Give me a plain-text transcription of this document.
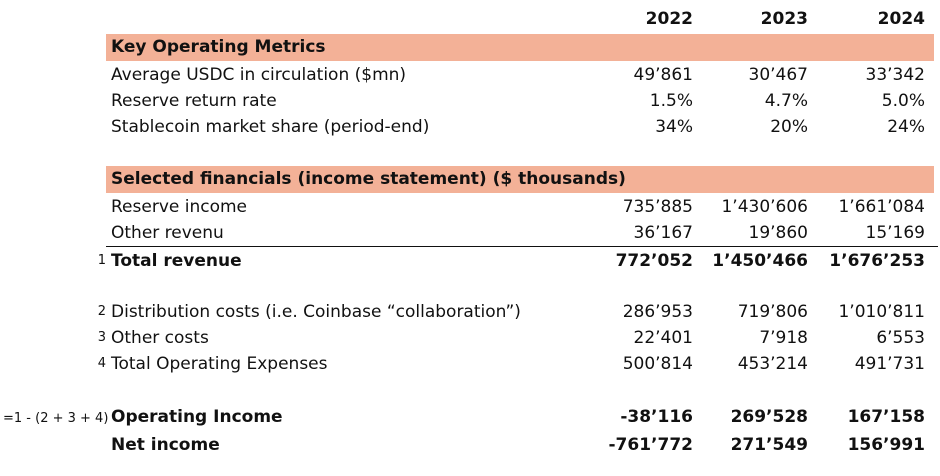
2022	2023	2024
Key Operating Metrics
Average USDC in circulation ($mn)	49’861	30’467	33’342
Reserve return rate	1.5%	4.7%	5.0%
Stablecoin market share (period-end)	34%	20%	24%
Selected financials (income statement) ($ thousands)
Reserve income	735’885 1’430’606 1’661’084
Other revenu	36’167	19’860	15’169
1 Total revenue	772’052 1’450’466 1’676’253
2 Distribution costs (i.e. Coinbase “collaboration”)	286’953	719’806 1’010’811
3 Other costs	22’401	7’918	6’553
4 Total Operating Expenses	500’814	453’214	491’731
=1 - (2 + 3 + 4) Operating Income	-38’116 269’528 167’158
Net income	-761’772 271’549 156’991
